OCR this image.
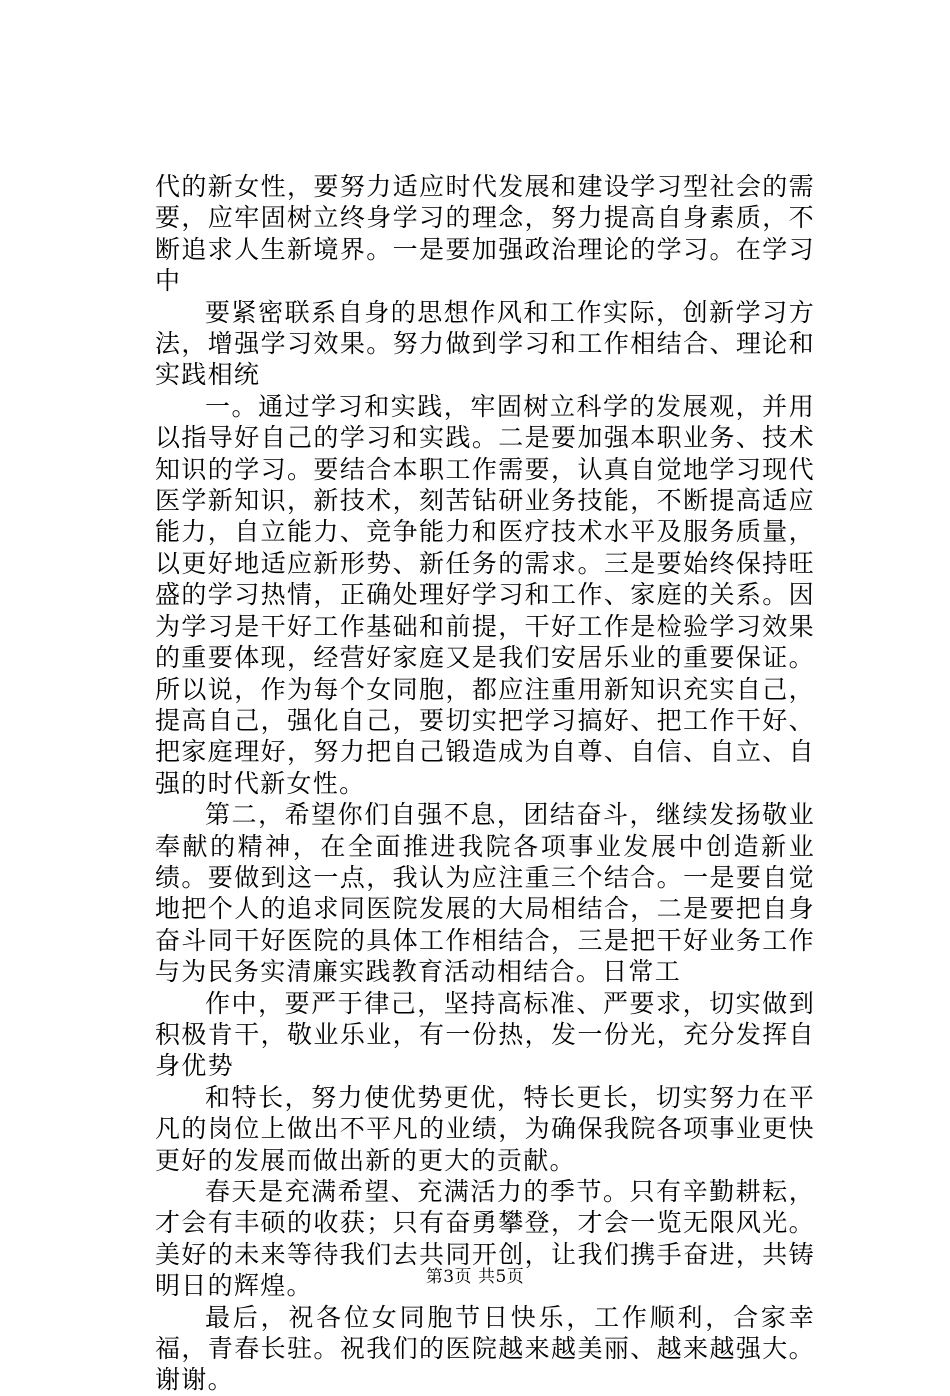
代的新女性，要努力适应时代发展和建设学习型社会的需要，应牢固树立终身学习的理念，努力提高自身素质，不断追求人生新境界。一是要加强政治理论的学习。在学习中

要紧密联系自身的思想作风和工作实际，创新学习方法，增强学习效果。努力做到学习和工作相结合、理论和实践相统

一。通过学习和实践，牢固树立科学的发展观，并用以指导好自己的学习和实践。二是要加强本职业务、技术知识的学习。要结合本职工作需要，认真自觉地学习现代医学新知识，新技术，刻苦钻研业务技能，不断提高适应能力，自立能力、竞争能力和医疗技术水平及服务质量，以更好地适应新形势、新任务的需求。三是要始终保持旺盛的学习热情，正确处理好学习和工作、家庭的关系。因为学习是干好工作基础和前提，干好工作是检验学习效果的重要体现，经营好家庭又是我们安居乐业的重要保证。所以说，作为每个女同胞，都应注重用新知识充实自己，提高自己，强化自己，要切实把学习搞好、把工作干好、把家庭理好，努力把自己锻造成为自尊、自信、自立、自强的时代新女性。

第二，希望你们自强不息，团结奋斗，继续发扬敬业奉献的精神，在全面推进我院各项事业发展中创造新业绩。要做到这一点，我认为应注重三个结合。一是要自觉地把个人的追求同医院发展的大局相结合，二是要把自身奋斗同干好医院的具体工作相结合，三是把干好业务工作与为民务实清廉实践教育活动相结合。日常工

作中，要严于律己，坚持高标准、严要求，切实做到积极肯干，敬业乐业，有一份热，发一份光，充分发挥自身优势

和特长，努力使优势更优，特长更长，切实努力在平凡的岗位上做出不平凡的业绩，为确保我院各项事业更快更好的发展而做出新的更大的贡献。

春天是充满希望、充满活力的季节。只有辛勤耕耘，才会有丰硕的收获；只有奋勇攀登，才会一览无限风光。美好的未来等待我们去共同开创，让我们携手奋进，共铸明日的辉煌。

最后，祝各位女同胞节日快乐，工作顺利，合家幸福，青春长驻。祝我们的医院越来越美丽、越来越强大。谢谢。

第3页 共5页
